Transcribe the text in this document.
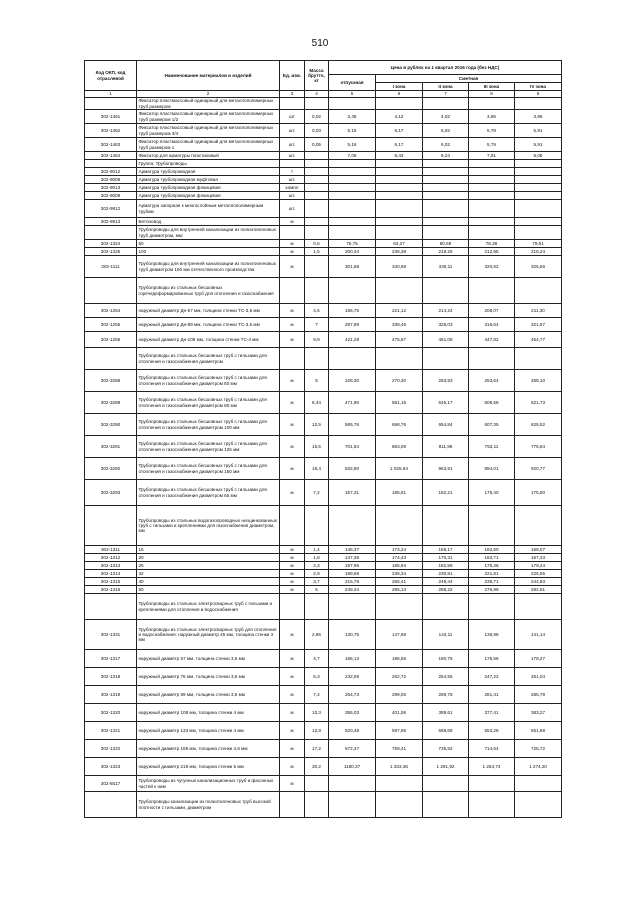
510
Код ОКП, код отраслевой	Наименование материалов и изделий	Ед. изм.	Масса брутто, кг	Цена в рублях на 1 квартал 2016 года (без НДС)				
				отпускная	Сметная			
					I зона	II зона	III зона	IV зона
1	2	3	4	5	6	7	8	9
	Фиксатор пластмассовый одинарный для металлополимерных труб размером							
302-1461	Фиксатор пластмассовый одинарный для металлополимерных труб размером 1/2	шт	0,02	3,45	4,12	4,02	3,86	3,95
302-1462	Фиксатор пластмассовый одинарный для металлополимерных труб размером 3/4	шт.	0,03	5,16	6,17	6,02	5,78	5,91
302-1463	Фиксатор пластмассовый одинарный для металлополимерных труб размером 1	шт.	0,05	5,16	6,17	6,02	5,79	5,91
302-1464	Фиксатор для арматуры пластиковый	шт.		7,06	8,43	8,24	7,91	8,08
	Группа: Трубопроводы							
302-9012	Арматура трубопроводная	т						
302-9008	Арматура трубопроводная муфтовая	шт.						
302-9013	Арматура трубопроводная фланцевая	компл						
302-9009	Арматура трубопроводная фланцевая	шт.						
302-9912	Арматура запорная к многослойным металлополимерным трубам	шт.						
302-9913	Бетоновод	м						
	Трубопроводы для внутренней канализации из полиэтиленовых труб диаметром, мм:							
302-1324	50	м	0,5	75,75	63,27	80,69	78,38	79,61
302-1325	100	м	1,5	200,34	236,38	219,26	212,95	216,24
302-1111	Трубопроводы для внутренней канализации из полиэтиленовых труб диаметром 100 мм отечественного производства	м		301,68	340,69	330,11	320,62	325,56
	Трубопроводы из стальных бесшовных горячедеформированных труб для отопления и газоснабжения							
302-1254	наружный диаметр Дн-57 мм, толщина стенки ТС-3,5 мм	м	4,6	186,75	221,12	214,24	208,07	211,30
302-1255	наружный диаметр Дн-89 мм, толщина стенки ТС-3,5 мм	м	7	287,89	338,46	328,03	316,64	321,57
302-1256	наружный диаметр Дн-108 мм, толщина стенки ТС-4 мм	м	9,9	421,28	475,87	461,08	447,82	454,77
	Трубопроводы из стальных бесшовных труб с гильзами для отопления и газоснабжения диаметром							
302-3288	Трубопроводы из стальных бесшовных труб с гильзами для отопления и газоснабжения диаметром 50 мм	м	5	228,30	270,30	263,93	253,64	258,10
302-3289	Трубопроводы из стальных бесшовных труб с гильзами для отопления и газоснабжения диаметром 80 мм	м	8,44	471,90	581,15	545,17	508,58	521,73
302-3290	Трубопроводы из стальных бесшовных труб с гильзами для отопления и газоснабжения диаметром 100 мм	м	12,5	565,76	698,76	654,84	607,35	625,52
302-3291	Трубопроводы из стальных бесшовных труб с гильзами для отопления и газоснабжения диаметром 125 мм	м	15,5	701,54	863,09	811,99	753,11	775,64
302-3292	Трубопроводы из стальных бесшовных труб с гильзами для отопления и газоснабжения диаметром 150 мм	м	18,4	832,80	1 025,64	963,91	894,01	920,77
302-3293	Трубопроводы из стальных бесшовных труб с гильзами для отопления и газоснабжения диаметром 65 мм	м	7,2	157,31	185,61	182,21	175,40	175,80
	Трубопроводы из стальных водогазопроводных неоцинкованных труб с гильзами и креплениями для газоснабжения диаметром, мм							
302-1311	15	м	1,4	146,37	173,24	169,17	162,60	168,07
302-1312	20	м	1,8	147,36	174,43	170,31	163,71	167,23
302-1313	25	м	2,3	157,95	186,94	182,58	175,46	179,24
302-1314	32	м	2,9	199,68	236,34	230,81	221,81	226,55
302-1315	40	м	3,7	215,78	255,41	249,44	239,71	244,83
302-1316	50	м	5	249,34	295,13	288,22	276,99	282,91
	Трубопроводы из стальных электросварных труб с гильзами и креплениями для отопления и водоснабжения							
302-1331	Трубопроводы из стальных электросварных труб для отопления и водоснабжения: наружный диаметр 45 мм, толщина стенки 3 мм	м	2,86	130,75	147,68	143,11	138,98	141,14
302-1317	наружный диаметр 57 мм, толщина стенки 3,5 мм	м	4,7	165,13	186,55	180,76	175,56	178,27
302-1318	наружный диаметр 76 мм, толщина стенки 3,5 мм	м	6,3	232,58	262,72	254,55	247,22	251,04
302-1319	наружный диаметр 89 мм, толщина стенки 3,5 мм	м	7,4	264,73	299,06	289,78	281,41	285,79
302-1320	наружный диаметр 108 мм, толщина стенки 4 мм	м	10,3	355,03	401,06	388,61	377,41	383,27
302-1321	наружный диаметр 133 мм, толщина стенки 4 мм	м	12,8	520,48	587,95	569,68	553,28	561,88
302-1322	наружный диаметр 159 мм, толщина стенки 4,5 мм	м	17,2	672,27	759,41	735,82	714,64	725,72
302-1323	наружный диаметр 219 мм, толщина стенки 5 мм	м	30,2	1180,37	1 333,36	1 291,92	1 254,74	1 274,20
302-8517	Трубопроводы из чугунных канализационных труб и фасонных частей к ним	м						
	Трубопроводы канализации из полиэтиленовых труб высокой плотности с гильзами, диаметром							
